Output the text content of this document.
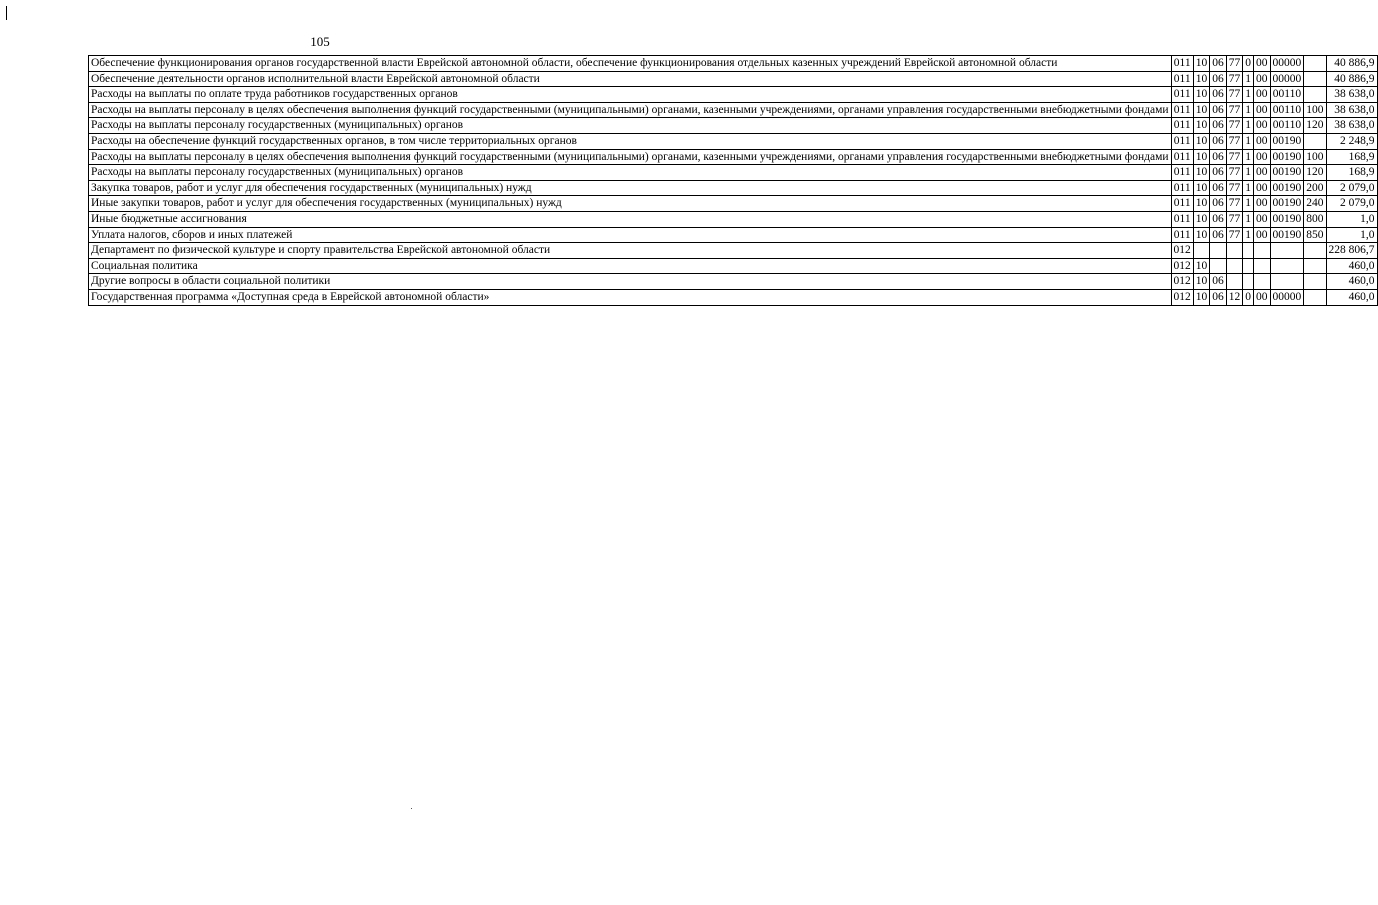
105
Обеспечение функционирования органов государственной власти Еврейской автономной области, обеспечение функционирования отдельных казенных учреждений Еврейской автономной области	011	10	06	77	0	00	00000		40 886,9
Обеспечение деятельности органов исполнительной власти Еврейской автономной области	011	10	06	77	1	00	00000		40 886,9
Расходы на выплаты по оплате труда работников государственных органов	011	10	06	77	1	00	00110		38 638,0
Расходы на выплаты персоналу в целях обеспечения выполнения функций государственными (муниципальными) органами, казенными учреждениями, органами управления государственными внебюджетными фондами	011	10	06	77	1	00	00110	100	38 638,0
Расходы на выплаты персоналу государственных (муниципальных) органов	011	10	06	77	1	00	00110	120	38 638,0
Расходы на обеспечение функций государственных органов, в том числе территориальных органов	011	10	06	77	1	00	00190		2 248,9
Расходы на выплаты персоналу в целях обеспечения выполнения функций государственными (муниципальными) органами, казенными учреждениями, органами управления государственными внебюджетными фондами	011	10	06	77	1	00	00190	100	168,9
Расходы на выплаты персоналу государственных (муниципальных) органов	011	10	06	77	1	00	00190	120	168,9
Закупка товаров, работ и услуг для обеспечения государственных (муниципальных) нужд	011	10	06	77	1	00	00190	200	2 079,0
Иные закупки товаров, работ и услуг для обеспечения государственных (муниципальных) нужд	011	10	06	77	1	00	00190	240	2 079,0
Иные бюджетные ассигнования	011	10	06	77	1	00	00190	800	1,0
Уплата налогов, сборов и иных платежей	011	10	06	77	1	00	00190	850	1,0
Департамент по физической культуре и спорту правительства Еврейской автономной области	012								228 806,7
Социальная политика	012	10							460,0
Другие вопросы в области социальной политики	012	10	06						460,0
Государственная программа «Доступная среда в Еврейской автономной области»	012	10	06	12	0	00	00000		460,0
